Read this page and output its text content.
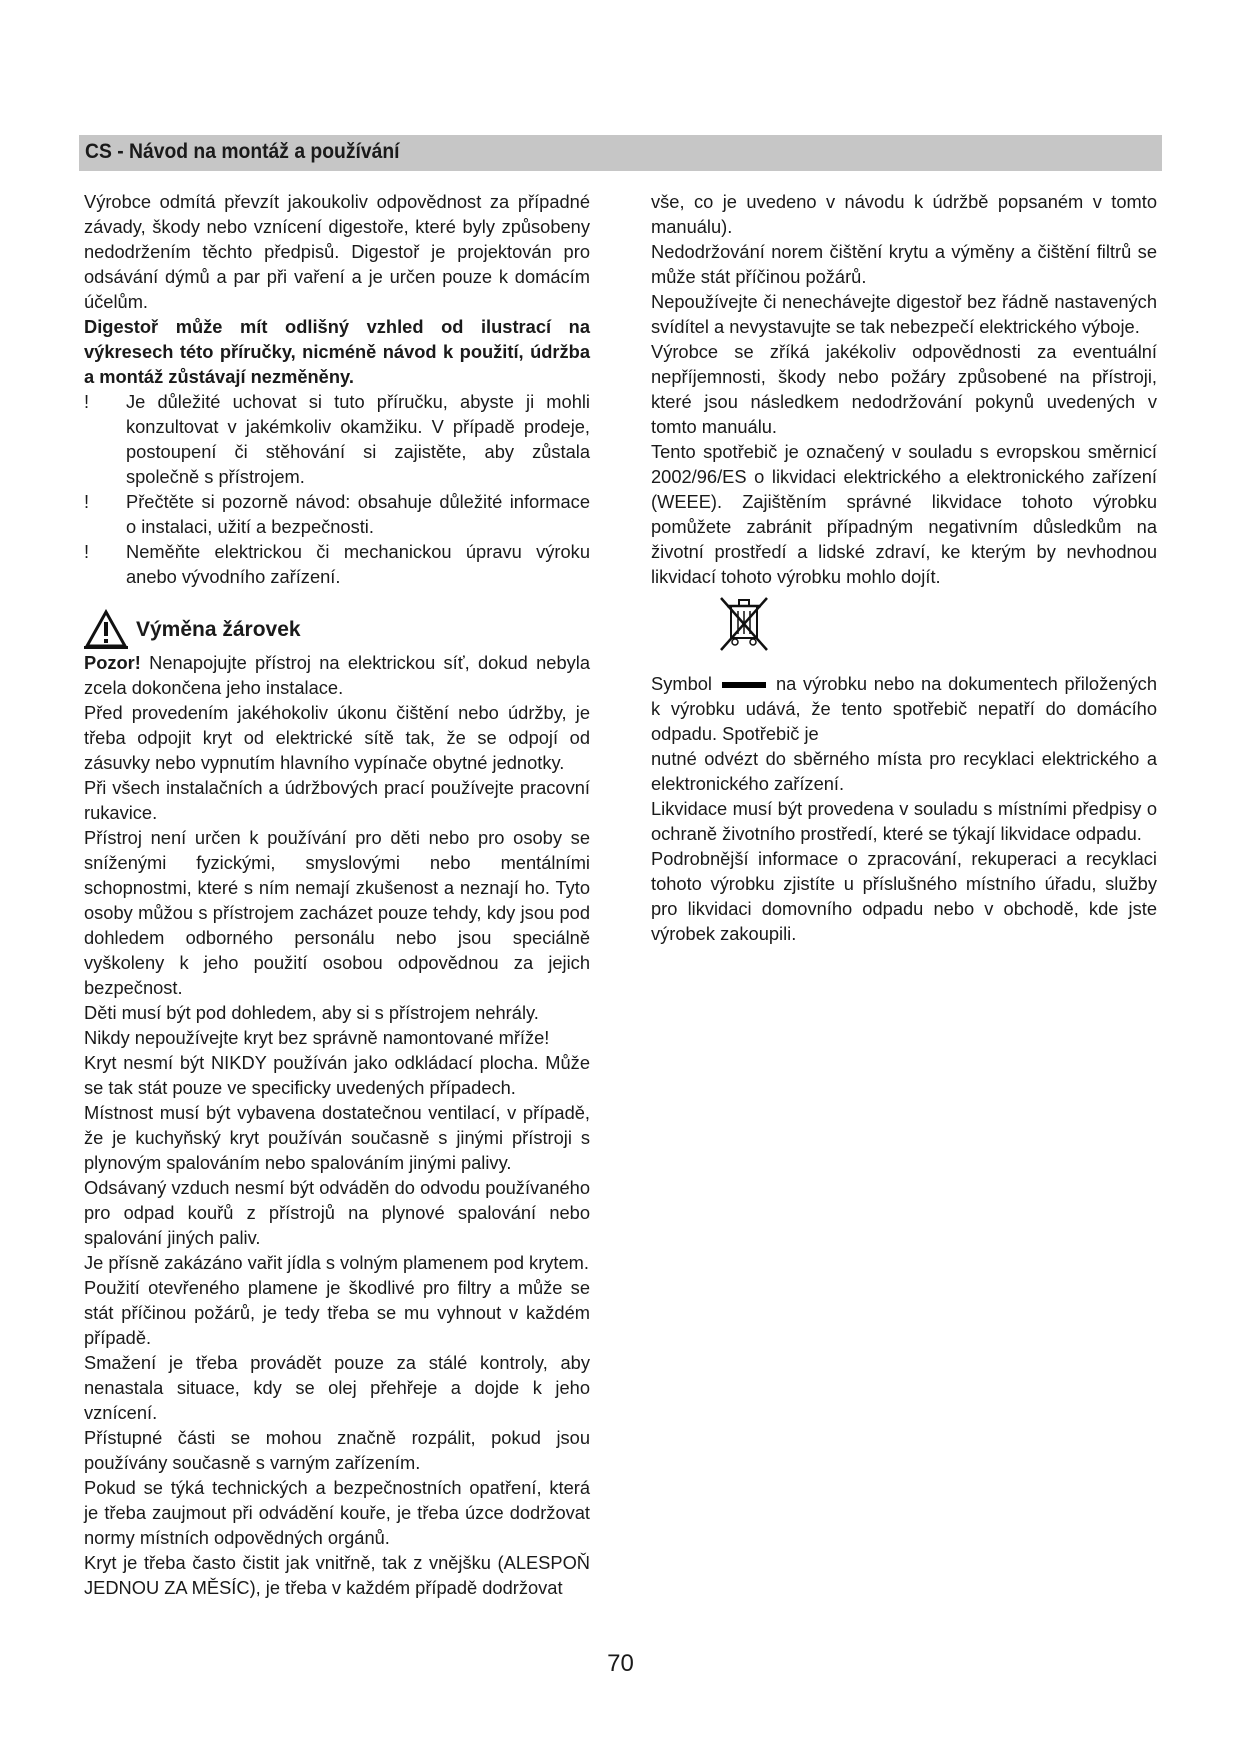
CS - Návod na montáž a používání

Výrobce odmítá převzít jakoukoliv odpovědnost za případné závady, škody nebo vznícení digestoře, které byly způsobeny nedodržením těchto předpisů. Digestoř je projektován pro odsávání dýmů a par při vaření a je určen pouze k domácím účelům.

Digestoř může mít odlišný vzhled od ilustrací na výkresech této příručky, nicméně návod k použití, údržba a montáž zůstávají nezměněny.

!	Je důležité uchovat si tuto příručku, abyste ji mohli konzultovat v jakémkoliv okamžiku. V případě prodeje, postoupení či stěhování si zajistěte, aby zůstala společně s přístrojem.
!	Přečtěte si pozorně návod: obsahuje důležité informace o instalaci, užití a bezpečnosti.
!	Neměňte elektrickou či mechanickou úpravu výroku anebo vývodního zařízení.
Výměna žárovek

Pozor! Nenapojujte přístroj na elektrickou síť, dokud nebyla zcela dokončena jeho instalace.

Před provedením jakéhokoliv úkonu čištění nebo údržby, je třeba odpojit kryt od elektrické sítě tak, že se odpojí od zásuvky nebo vypnutím hlavního vypínače obytné jednotky.

Při všech instalačních a údržbových prací používejte pracovní rukavice.

Přístroj není určen k používání pro děti nebo pro osoby se sníženými fyzickými, smyslovými nebo mentálními schopnostmi, které s ním nemají zkušenost a neznají ho. Tyto osoby můžou s přístrojem zacházet pouze tehdy, kdy jsou pod dohledem odborného personálu nebo jsou speciálně vyškoleny k jeho použití osobou odpovědnou za jejich bezpečnost.

Děti musí být pod dohledem, aby si s přístrojem nehrály.

Nikdy nepoužívejte kryt bez správně namontované mříže!

Kryt nesmí být NIKDY používán jako odkládací plocha. Může se tak stát pouze ve specificky uvedených případech.

Místnost musí být vybavena dostatečnou ventilací, v případě, že je kuchyňský kryt používán současně s jinými přístroji s plynovým spalováním nebo spalováním jinými palivy.

Odsávaný vzduch nesmí být odváděn do odvodu používaného pro odpad kouřů z přístrojů na plynové spalování nebo spalování jiných paliv.

Je přísně zakázáno vařit jídla s volným plamenem pod krytem.

Použití otevřeného plamene je škodlivé pro filtry a může se stát příčinou požárů, je tedy třeba se mu vyhnout v každém případě.

Smažení je třeba provádět pouze za stálé kontroly, aby nenastala situace, kdy se olej přehřeje a dojde k jeho vznícení.

Přístupné části se mohou značně rozpálit, pokud jsou používány současně s varným zařízením.

Pokud se týká technických a bezpečnostních opatření, která je třeba zaujmout při odvádění kouře, je třeba úzce dodržovat normy místních odpovědných orgánů.

Kryt je třeba často čistit jak vnitřně, tak z vnějšku (ALESPOŇ JEDNOU ZA MĚSÍC), je třeba v každém případě dodržovat

vše, co je uvedeno v návodu k údržbě popsaném v tomto manuálu).

Nedodržování norem čištění krytu a výměny a čištění filtrů se může stát příčinou požárů.

Nepoužívejte či nenechávejte digestoř bez řádně nastavených svídítel a nevystavujte se tak nebezpečí elektrického výboje.

Výrobce se zříká jakékoliv odpovědnosti za eventuální nepříjemnosti, škody nebo požáry způsobené na přístroji, které jsou následkem nedodržování pokynů uvedených v tomto manuálu.

Tento spotřebič je označený v souladu s evropskou směrnicí 2002/96/ES o likvidaci elektrického a elektronického zařízení (WEEE). Zajištěním správné likvidace tohoto výrobku pomůžete zabránit případným negativním důsledkům na životní prostředí a lidské zdraví, ke kterým by nevhodnou likvidací tohoto výrobku mohlo dojít.

Symbol	na výrobku nebo na dokumentech přiložených k výrobku udává, že tento spotřebič nepatří do domácího odpadu. Spotřebič je

nutné odvézt do sběrného místa pro recyklaci elektrického a elektronického zařízení.

Likvidace musí být provedena v souladu s místními předpisy o ochraně životního prostředí, které se týkají likvidace odpadu.

Podrobnější informace o zpracování, rekuperaci a recyklaci tohoto výrobku zjistíte u příslušného místního úřadu, služby pro likvidaci domovního odpadu nebo v obchodě, kde jste výrobek zakoupili.

70
